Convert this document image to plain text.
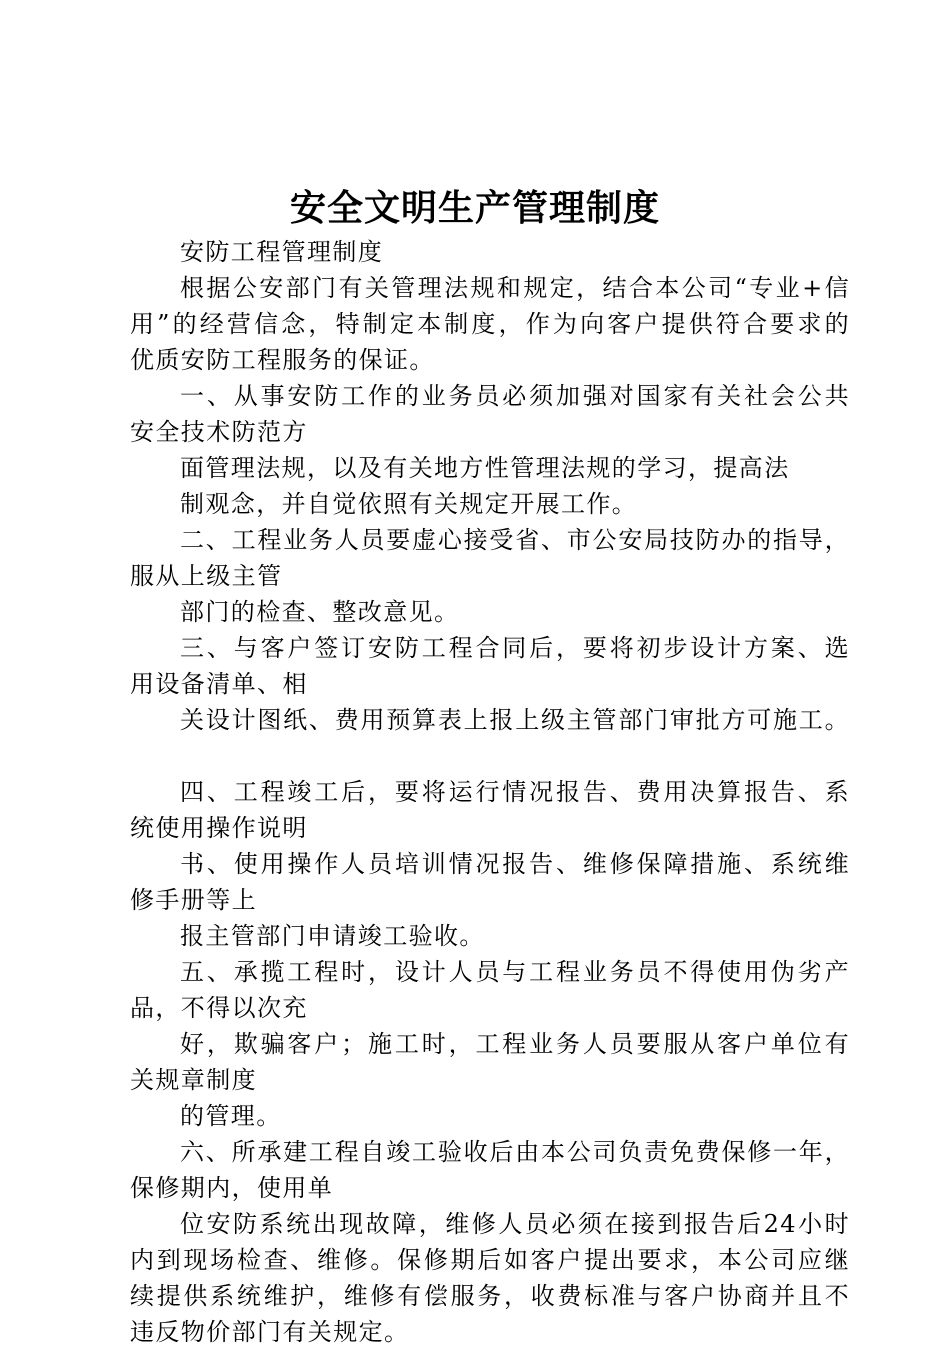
安全文明生产管理制度

安防工程管理制度

根据公安部门有关管理法规和规定，结合本公司“专业+信

用”的经营信念，特制定本制度，作为向客户提供符合要求的

优质安防工程服务的保证。

一、从事安防工作的业务员必须加强对国家有关社会公共

安全技术防范方

面管理法规，以及有关地方性管理法规的学习，提高法

制观念，并自觉依照有关规定开展工作。

二、工程业务人员要虚心接受省、市公安局技防办的指导，

服从上级主管

部门的检查、整改意见。

三、与客户签订安防工程合同后，要将初步设计方案、选

用设备清单、相

关设计图纸、费用预算表上报上级主管部门审批方可施工。

四、工程竣工后，要将运行情况报告、费用决算报告、系

统使用操作说明

书、使用操作人员培训情况报告、维修保障措施、系统维

修手册等上

报主管部门申请竣工验收。

五、承揽工程时，设计人员与工程业务员不得使用伪劣产

品，不得以次充

好，欺骗客户；施工时，工程业务人员要服从客户单位有

关规章制度

的管理。

六、所承建工程自竣工验收后由本公司负责免费保修一年，

保修期内，使用单

位安防系统出现故障，维修人员必须在接到报告后24小时

内到现场检查、维修。保修期后如客户提出要求，本公司应继

续提供系统维护，维修有偿服务，收费标准与客户协商并且不

违反物价部门有关规定。
